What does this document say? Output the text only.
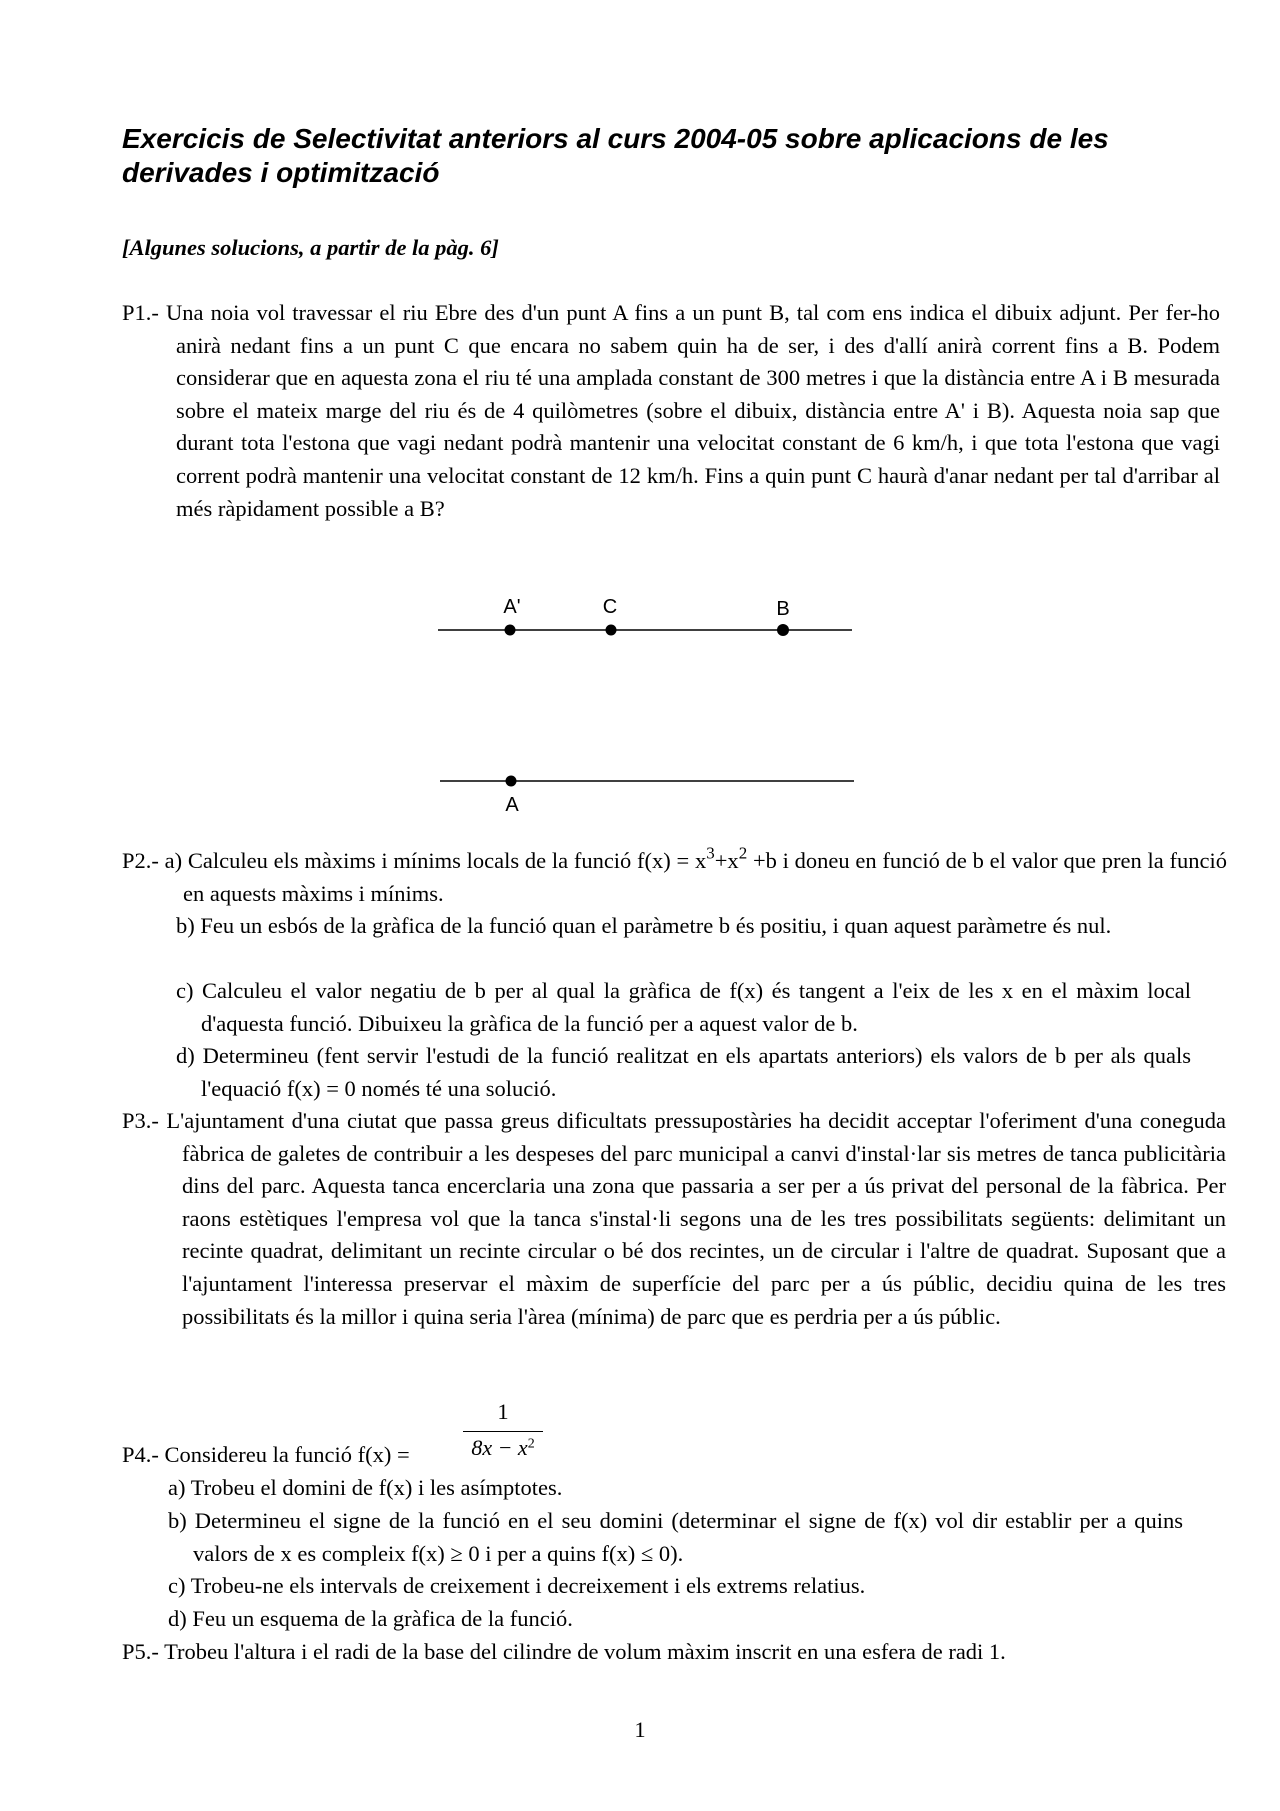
Exercicis de Selectivitat anteriors al curs 2004-05 sobre aplicacions de les derivades i optimització

[Algunes solucions, a partir de la pàg. 6]

P1.- Una noia vol travessar el riu Ebre des d'un punt A fins a un punt B, tal com ens indica el dibuix adjunt. Per fer-ho anirà nedant fins a un punt C que encara no sabem quin ha de ser, i des d'allí anirà corrent fins a B. Podem considerar que en aquesta zona el riu té una amplada constant de 300 metres i que la distància entre A i B mesurada sobre el mateix marge del riu és de 4 quilòmetres (sobre el dibuix, distància entre A' i B). Aquesta noia sap que durant tota l'estona que vagi nedant podrà mantenir una velocitat constant de 6 km/h, i que tota l'estona que vagi corrent podrà mantenir una velocitat constant de 12 km/h. Fins a quin punt C haurà d'anar nedant per tal d'arribar al més ràpidament possible a B?

A'	C	B
A

P2.- a) Calculeu els màxims i mínims locals de la funció $f(x) = x^3+x^2 +b$ i doneu en funció de b el valor que pren la funció en aquests màxims i mínims.

b) Feu un esbós de la gràfica de la funció quan el paràmetre b és positiu, i quan aquest paràmetre és nul.

c) Calculeu el valor negatiu de b per al qual la gràfica de f(x) és tangent a l'eix de les x en el màxim local d'aquesta funció. Dibuixeu la gràfica de la funció per a aquest valor de b.

d) Determineu (fent servir l'estudi de la funció realitzat en els apartats anteriors) els valors de b per als quals l'equació f(x) = 0 només té una solució.

P3.- L'ajuntament d'una ciutat que passa greus dificultats pressupostàries ha decidit acceptar l'oferiment d'una coneguda fàbrica de galetes de contribuir a les despeses del parc municipal a canvi d'instal·lar sis metres de tanca publicitària dins del parc. Aquesta tanca encerclaria una zona que passaria a ser per a ús privat del personal de la fàbrica. Per raons estètiques l'empresa vol que la tanca s'instal·li segons una de les tres possibilitats següents: delimitant un recinte quadrat, delimitant un recinte circular o bé dos recintes, un de circular i l'altre de quadrat. Suposant que a l'ajuntament l'interessa preservar el màxim de superfície del parc per a ús públic, decidiu quina de les tres possibilitats és la millor i quina seria l'àrea (mínima) de parc que es perdria per a ús públic.

1
$8x - x^2$

P4.- Considereu la funció f(x) =

a) Trobeu el domini de f(x) i les asímptotes.

b) Determineu el signe de la funció en el seu domini (determinar el signe de f(x) vol dir establir per a quins valors de x es compleix f(x) ≥ 0 i per a quins f(x) ≤ 0).

c) Trobeu-ne els intervals de creixement i decreixement i els extrems relatius.

d) Feu un esquema de la gràfica de la funció.

P5.- Trobeu l'altura i el radi de la base del cilindre de volum màxim inscrit en una esfera de radi 1.

1
